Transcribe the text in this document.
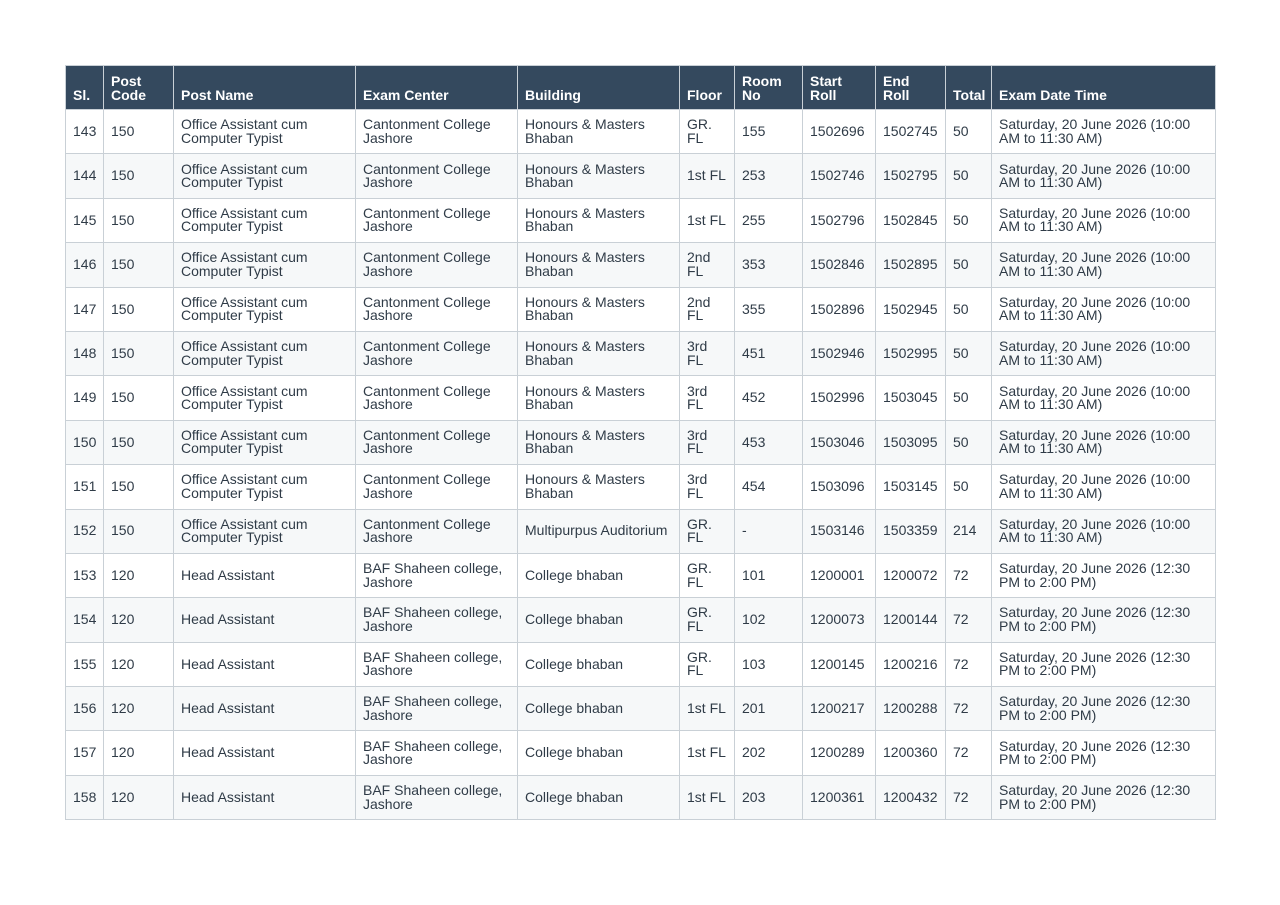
Sl.	Post Code	Post Name	Exam Center	Building	Floor	Room No	Start Roll	End Roll	Total	Exam Date Time
143	150	Office Assistant cum Computer Typist	Cantonment College Jashore	Honours & Masters Bhaban	GR. FL	155	1502696	1502745	50	Saturday, 20 June 2026 (10:00 AM to 11:30 AM)
144	150	Office Assistant cum Computer Typist	Cantonment College Jashore	Honours & Masters Bhaban	1st FL	253	1502746	1502795	50	Saturday, 20 June 2026 (10:00 AM to 11:30 AM)
145	150	Office Assistant cum Computer Typist	Cantonment College Jashore	Honours & Masters Bhaban	1st FL	255	1502796	1502845	50	Saturday, 20 June 2026 (10:00 AM to 11:30 AM)
146	150	Office Assistant cum Computer Typist	Cantonment College Jashore	Honours & Masters Bhaban	2nd FL	353	1502846	1502895	50	Saturday, 20 June 2026 (10:00 AM to 11:30 AM)
147	150	Office Assistant cum Computer Typist	Cantonment College Jashore	Honours & Masters Bhaban	2nd FL	355	1502896	1502945	50	Saturday, 20 June 2026 (10:00 AM to 11:30 AM)
148	150	Office Assistant cum Computer Typist	Cantonment College Jashore	Honours & Masters Bhaban	3rd FL	451	1502946	1502995	50	Saturday, 20 June 2026 (10:00 AM to 11:30 AM)
149	150	Office Assistant cum Computer Typist	Cantonment College Jashore	Honours & Masters Bhaban	3rd FL	452	1502996	1503045	50	Saturday, 20 June 2026 (10:00 AM to 11:30 AM)
150	150	Office Assistant cum Computer Typist	Cantonment College Jashore	Honours & Masters Bhaban	3rd FL	453	1503046	1503095	50	Saturday, 20 June 2026 (10:00 AM to 11:30 AM)
151	150	Office Assistant cum Computer Typist	Cantonment College Jashore	Honours & Masters Bhaban	3rd FL	454	1503096	1503145	50	Saturday, 20 June 2026 (10:00 AM to 11:30 AM)
152	150	Office Assistant cum Computer Typist	Cantonment College Jashore	Multipurpus Auditorium	GR. FL	-	1503146	1503359	214	Saturday, 20 June 2026 (10:00 AM to 11:30 AM)
153	120	Head Assistant	BAF Shaheen college, Jashore	College bhaban	GR. FL	101	1200001	1200072	72	Saturday, 20 June 2026 (12:30 PM to 2:00 PM)
154	120	Head Assistant	BAF Shaheen college, Jashore	College bhaban	GR. FL	102	1200073	1200144	72	Saturday, 20 June 2026 (12:30 PM to 2:00 PM)
155	120	Head Assistant	BAF Shaheen college, Jashore	College bhaban	GR. FL	103	1200145	1200216	72	Saturday, 20 June 2026 (12:30 PM to 2:00 PM)
156	120	Head Assistant	BAF Shaheen college, Jashore	College bhaban	1st FL	201	1200217	1200288	72	Saturday, 20 June 2026 (12:30 PM to 2:00 PM)
157	120	Head Assistant	BAF Shaheen college, Jashore	College bhaban	1st FL	202	1200289	1200360	72	Saturday, 20 June 2026 (12:30 PM to 2:00 PM)
158	120	Head Assistant	BAF Shaheen college, Jashore	College bhaban	1st FL	203	1200361	1200432	72	Saturday, 20 June 2026 (12:30 PM to 2:00 PM)
